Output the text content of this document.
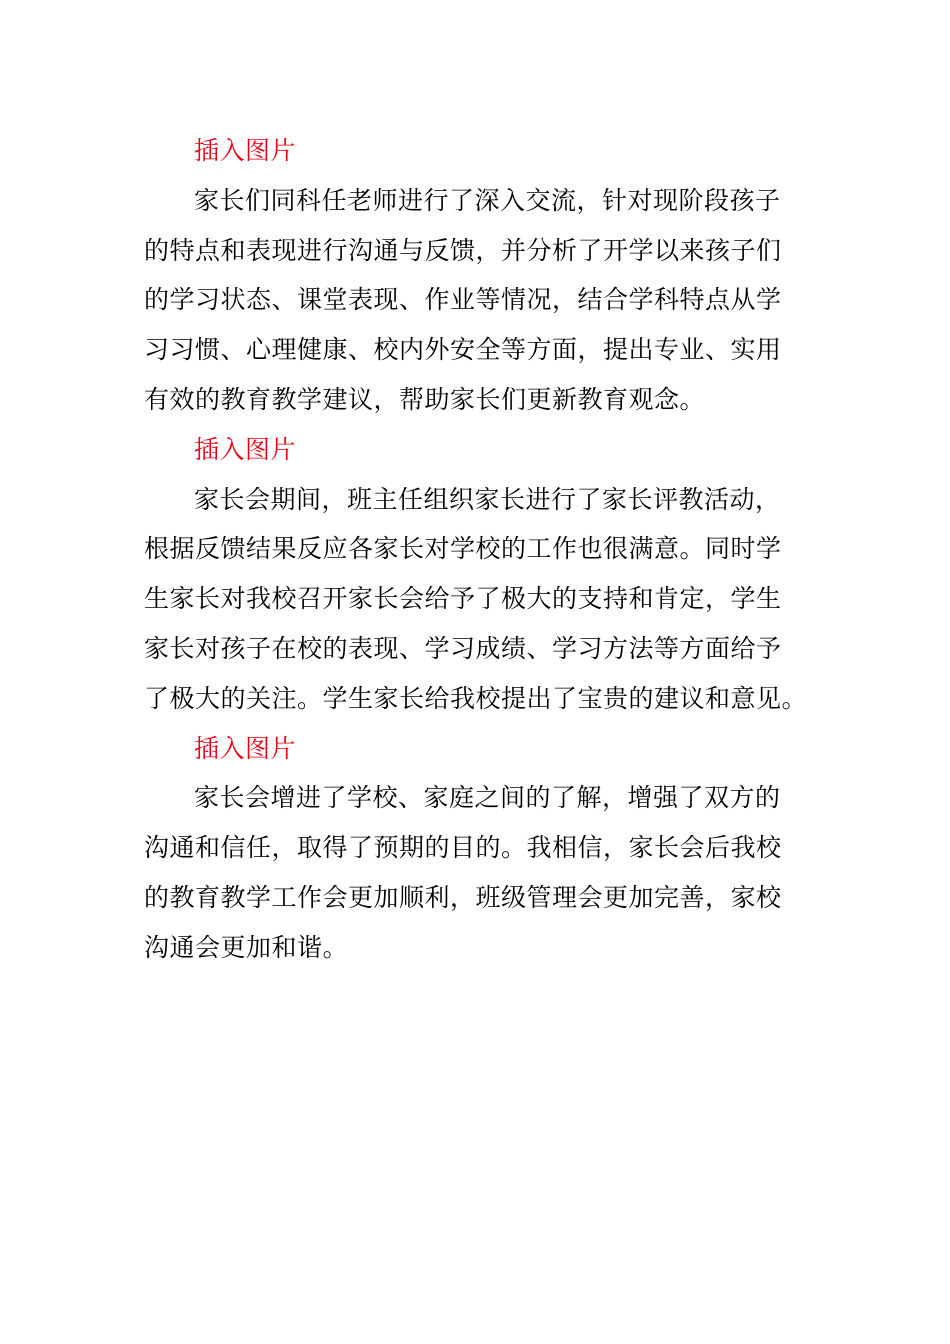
插入图片
家长们同科任老师进行了深入交流，针对现阶段孩子
的特点和表现进行沟通与反馈，并分析了开学以来孩子们
的学习状态、课堂表现、作业等情况，结合学科特点从学
习习惯、心理健康、校内外安全等方面，提出专业、实用
有效的教育教学建议，帮助家长们更新教育观念。
插入图片
家长会期间，班主任组织家长进行了家长评教活动，
根据反馈结果反应各家长对学校的工作也很满意。同时学
生家长对我校召开家长会给予了极大的支持和肯定，学生
家长对孩子在校的表现、学习成绩、学习方法等方面给予
了极大的关注。学生家长给我校提出了宝贵的建议和意见。
插入图片
家长会增进了学校、家庭之间的了解，增强了双方的
沟通和信任，取得了预期的目的。我相信，家长会后我校
的教育教学工作会更加顺利，班级管理会更加完善，家校
沟通会更加和谐。
